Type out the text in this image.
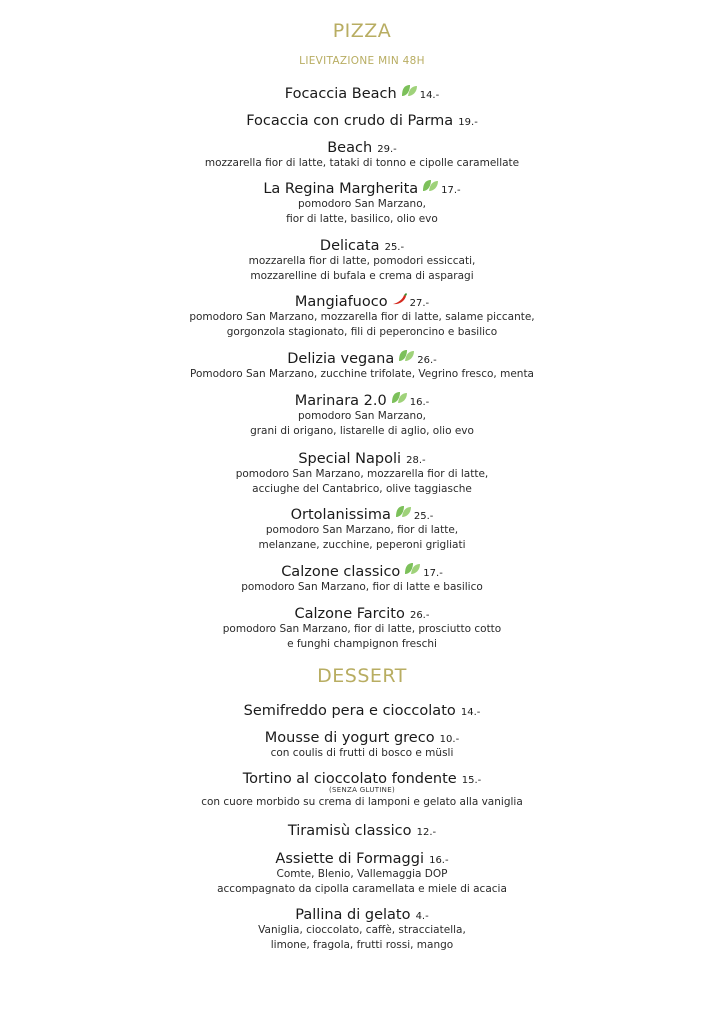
PIZZA
LIEVITAZIONE MIN 48H
Focaccia Beach 14.-
Focaccia con crudo di Parma 19.-
Beach 29.-
mozzarella fior di latte, tataki di tonno e cipolle caramellate
La Regina Margherita 17.-
pomodoro San Marzano,
fior di latte, basilico, olio evo
Delicata 25.-
mozzarella fior di latte, pomodori essiccati,
mozzarelline di bufala e crema di asparagi
Mangiafuoco 27.-
pomodoro San Marzano, mozzarella fior di latte, salame piccante,
gorgonzola stagionato, fili di peperoncino e basilico
Delizia vegana 26.-
Pomodoro San Marzano, zucchine trifolate, Vegrino fresco, menta
Marinara 2.0 16.-
pomodoro San Marzano,
grani di origano, listarelle di aglio, olio evo
Special Napoli 28.-
pomodoro San Marzano, mozzarella fior di latte,
acciughe del Cantabrico, olive taggiasche
Ortolanissima 25.-
pomodoro San Marzano, fior di latte,
melanzane, zucchine, peperoni grigliati
Calzone classico 17.-
pomodoro San Marzano, fior di latte e basilico
Calzone Farcito 26.-
pomodoro San Marzano, fior di latte, prosciutto cotto
e funghi champignon freschi
DESSERT
Semifreddo pera e cioccolato 14.-
Mousse di yogurt greco 10.-
con coulis di frutti di bosco e müsli
Tortino al cioccolato fondente 15.-
(SENZA GLUTINE)
con cuore morbido su crema di lamponi e gelato alla vaniglia
Tiramisù classico 12.-
Assiette di Formaggi 16.-
Comte, Blenio, Vallemaggia DOP
accompagnato da cipolla caramellata e miele di acacia
Pallina di gelato 4.-
Vaniglia, cioccolato, caffè, stracciatella,
limone, fragola, frutti rossi, mango
